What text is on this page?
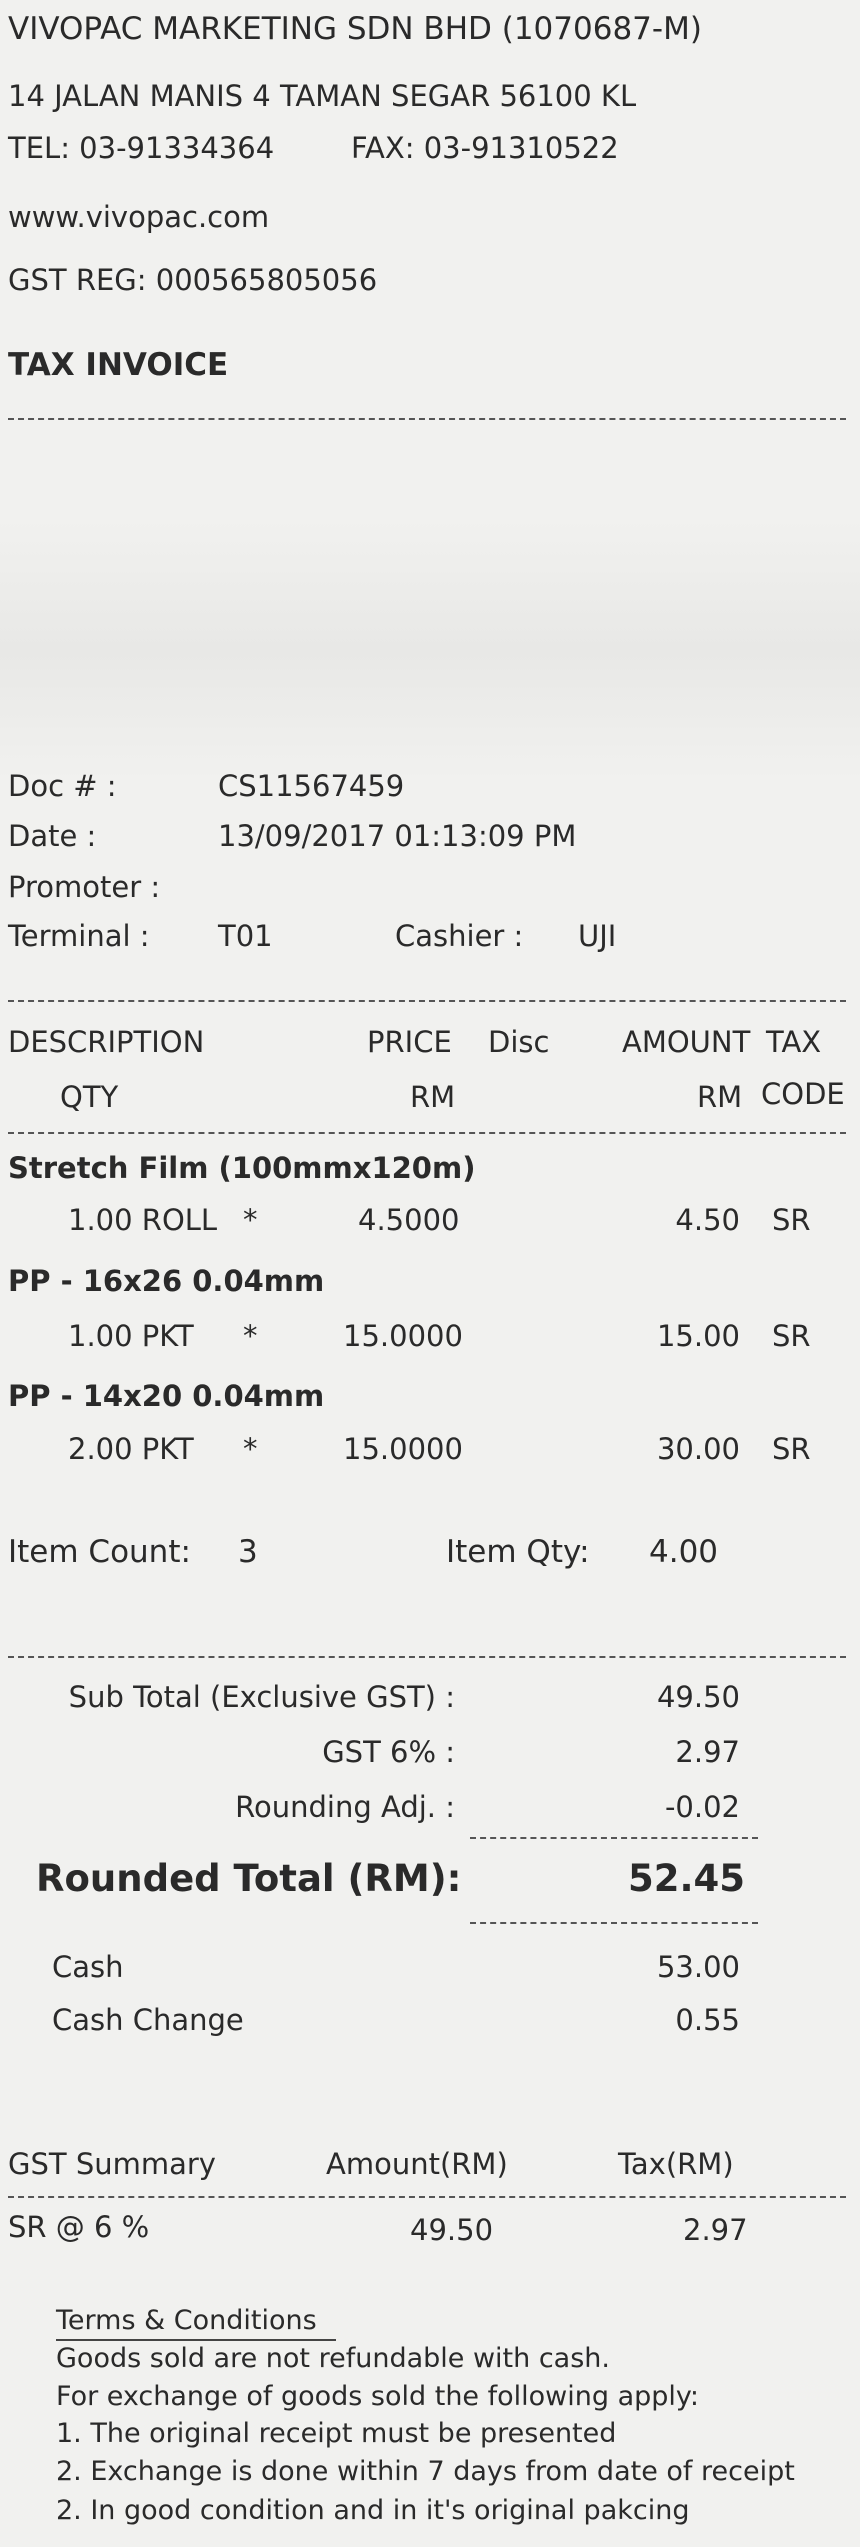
VIVOPAC MARKETING SDN BHD (1070687-M)
14 JALAN MANIS 4 TAMAN SEGAR 56100 KL
TEL: 03-91334364	FAX: 03-91310522
www.vivopac.com
GST REG: 000565805056
TAX INVOICE
Doc # :	CS11567459
Date :	13/09/2017 01:13:09 PM
Promoter :
Terminal : T01	Cashier : UJI
DESCRIPTION	PRICE Disc	AMOUNT TAX
QTY	RM	RM CODE
Stretch Film (100mmx120m)
1.00 ROLL *	4.5000	4.50 SR
PP - 16x26 0.04mm
1.00 PKT *	15.0000	15.00 SR
PP - 14x20 0.04mm
2.00 PKT *	15.0000	30.00 SR
Item Count: 3	Item Qty: 4.00
Sub Total (Exclusive GST) :	49.50
GST 6% :	2.97
Rounding Adj. :	-0.02
Rounded Total (RM):	52.45
Cash	53.00
Cash Change	0.55
GST Summary	Amount(RM)	Tax(RM)
SR @ 6 %	49.50	2.97
Terms & Conditions
Goods sold are not refundable with cash.
For exchange of goods sold the following apply:
1. The original receipt must be presented
2. Exchange is done within 7 days from date of receipt
2. In good condition and in it's original pakcing
